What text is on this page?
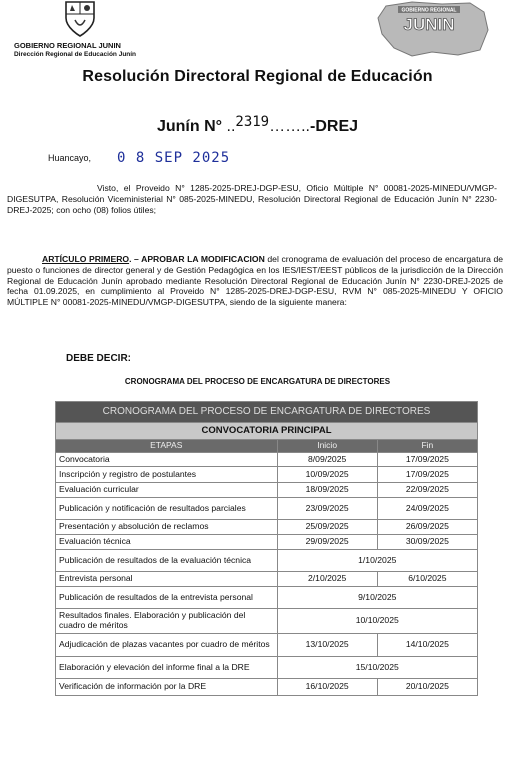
GOBIERNO REGIONAL JUNIN
Dirección Regional de Educación Junín
GOBIERNO REGIONAL
JUNIN
Resolución Directoral Regional de Educación
Junín N° ..2319……..-DREJ
Huancayo, 0 8 SEP 2025
Visto, el Proveido N° 1285-2025-DREJ-DGP-ESU, Oficio Múltiple N° 00081-2025-MINEDU/VMGP-DIGESUTPA, Resolución Viceministerial N° 085-2025-MINEDU, Resolución Directoral Regional de Educación Junín N° 2230-DREJ-2025; con ocho (08) folios útiles;
ARTÍCULO PRIMERO. – APROBAR LA MODIFICACION del cronograma de evaluación del proceso de encargatura de puesto o funciones de director general y de Gestión Pedagógica en los IES/IEST/EEST públicos de la jurisdicción de la Dirección Regional de Educación Junín aprobado mediante Resolución Directoral Regional de Educación Junín N° 2230-DREJ-2025 de fecha 01.09.2025, en cumplimiento al Proveido N° 1285-2025-DREJ-DGP-ESU, RVM N° 085-2025-MINEDU Y OFICIO MÚLTIPLE N° 00081-2025-MINEDU/VMGP-DIGESUTPA, siendo de la siguiente manera:
DEBE DECIR:
CRONOGRAMA DEL PROCESO DE ENCARGATURA DE DIRECTORES
CRONOGRAMA DEL PROCESO DE ENCARGATURA DE DIRECTORES		
CONVOCATORIA PRINCIPAL		
ETAPAS	Inicio	Fin
Convocatoria	8/09/2025	17/09/2025
Inscripción y registro de postulantes	10/09/2025	17/09/2025
Evaluación curricular	18/09/2025	22/09/2025
Publicación y notificación de resultados parciales	23/09/2025	24/09/2025
Presentación y absolución de reclamos	25/09/2025	26/09/2025
Evaluación técnica	29/09/2025	30/09/2025
Publicación de resultados de la evaluación técnica	1/10/2025	
Entrevista personal	2/10/2025	6/10/2025
Publicación de resultados de la entrevista personal	9/10/2025	
Resultados finales. Elaboración y publicación del cuadro de méritos	10/10/2025	
Adjudicación de plazas vacantes por cuadro de méritos	13/10/2025	14/10/2025
Elaboración y elevación del informe final a la DRE	15/10/2025	
Verificación de información por la DRE	16/10/2025	20/10/2025
